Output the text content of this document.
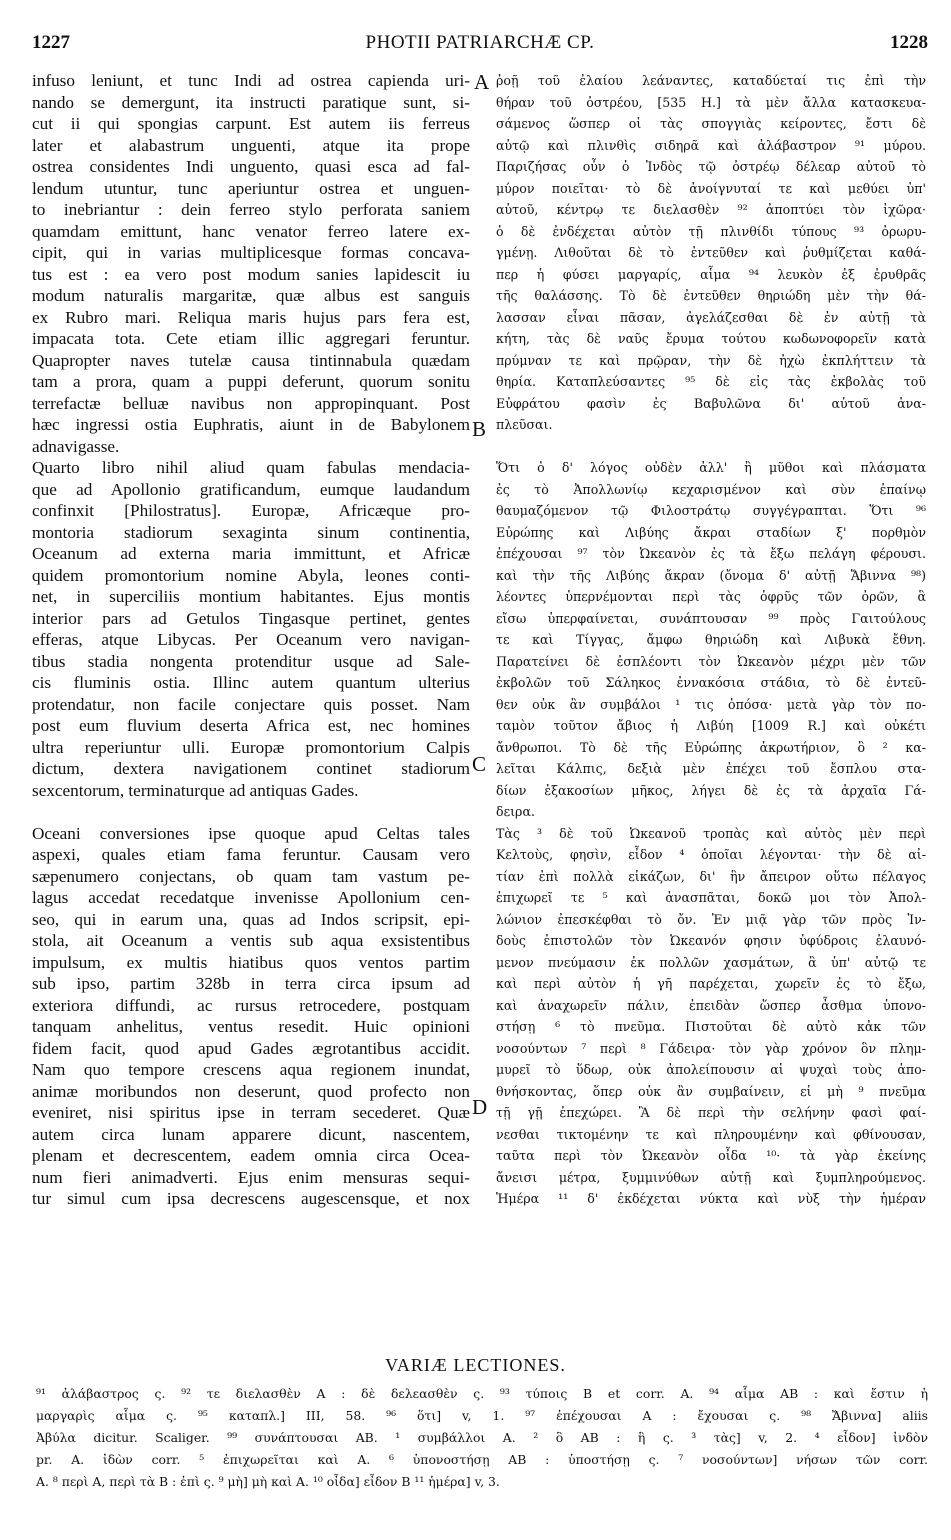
1227	PHOTII PATRIARCHÆ CP.	1228
infuso leniunt, et tunc Indi ad ostrea capienda uri-
nando se demergunt, ita instructi paratique sunt, si-
cut ii qui spongias carpunt. Est autem iis ferreus
later et alabastrum unguenti, atque ita prope
ostrea considentes Indi unguento, quasi esca ad fal-
lendum utuntur, tunc aperiuntur ostrea et unguen-
to inebriantur : dein ferreo stylo perforata saniem
quamdam emittunt, hanc venator ferreo latere ex-
cipit, qui in varias multiplicesque formas concava-
tus est : ea vero post modum sanies lapidescit iu
modum naturalis margaritæ, quæ albus est sanguis
ex Rubro mari. Reliqua maris hujus pars fera est,
impacata tota. Cete etiam illic aggregari feruntur.
Quapropter naves tutelæ causa tintinnabula quædam
tam a prora, quam a puppi deferunt, quorum sonitu
terrefactæ belluæ navibus non appropinquant. Post
hæc ingressi ostia Euphratis, aiunt in de Babylonem
adnavigasse.
Quarto libro nihil aliud quam fabulas mendacia-
que ad Apollonio gratificandum, eumque laudandum
confinxit [Philostratus]. Europæ, Africæque pro-
montoria stadiorum sexaginta sinum continentia,
Oceanum ad externa maria immittunt, et Africæ
quidem promontorium nomine Abyla, leones conti-
net, in superciliis montium habitantes. Ejus montis
interior pars ad Getulos Tingasque pertinet, gentes
efferas, atque Libycas. Per Oceanum vero navigan-
tibus stadia nongenta protenditur usque ad Sale-
cis fluminis ostia. Illinc autem quantum ulterius
protendatur, non facile conjectare quis posset. Nam
post eum fluvium deserta Africa est, nec homines
ultra reperiuntur ulli. Europæ promontorium Calpis
dictum, dextera navigationem continet stadiorum
sexcentorum, terminaturque ad antiquas Gades.
Oceani conversiones ipse quoque apud Celtas tales
aspexi, quales etiam fama feruntur. Causam vero
sæpenumero conjectans, ob quam tam vastum pe-
lagus accedat recedatque invenisse Apollonium cen-
seo, qui in earum una, quas ad Indos scripsit, epi-
stola, ait Oceanum a ventis sub aqua exsistentibus
impulsum, ex multis hiatibus quos ventos partim
sub ipso, partim 328b in terra circa ipsum ad
exteriora diffundi, ac rursus retrocedere, postquam
tanquam anhelitus, ventus resedit. Huic opinioni
fidem facit, quod apud Gades ægrotantibus accidit.
Nam quo tempore crescens aqua regionem inundat,
animæ moribundos non deserunt, quod profecto non
eveniret, nisi spiritus ipse in terram secederet. Quæ
autem circa lunam apparere dicunt, nascentem,
plenam et decrescentem, eadem omnia circa Ocea-
num fieri animadverti. Ejus enim mensuras sequi-
tur simul cum ipsa decrescens augescensque, et nox
ῥοῇ τοῦ ἐλαίου λεάναντες, καταδύεταί τις ἐπὶ τὴν
θήραν τοῦ ὀστρέου, [535 Η.] τὰ μὲν ἄλλα κατασκευα-
σάμενος ὥσπερ οἱ τὰς σπογγιὰς κείροντες, ἔστι δὲ
αὐτῷ καὶ πλινθὶς σιδηρᾶ καὶ ἀλάβαστρον ⁹¹ μύρου.
Παριζήσας οὖν ὁ Ἰνδὸς τῷ ὀστρέῳ δέλεαρ αὐτοῦ τὸ
μύρον ποιεῖται· τὸ δὲ ἀνοίγνυταί τε καὶ μεθύει ὑπ'
αὐτοῦ, κέντρῳ τε διελασθὲν ⁹² ἀποπτύει τὸν ἰχῶρα·
ὁ δὲ ἐνδέχεται αὐτὸν τῇ πλινθίδι τύπους ⁹³ ὀρωρυ-
γμένῃ. Λιθοῦται δὲ τὸ ἐντεῦθεν καὶ ῥυθμίζεται καθά-
περ ἡ φύσει μαργαρίς, αἷμα ⁹⁴ λευκὸν ἐξ ἐρυθρᾶς
τῆς θαλάσσης. Τὸ δὲ ἐντεῦθεν θηριώδη μὲν τὴν θά-
λασσαν εἶναι πᾶσαν, ἀγελάζεσθαι δὲ ἐν αὐτῇ τὰ
κήτη, τὰς δὲ ναῦς ἔρυμα τούτου κωδωνοφορεῖν κατὰ
πρύμναν τε καὶ πρῷραν, τὴν δὲ ἠχὼ ἐκπλήττειν τὰ
θηρία. Καταπλεύσαντες ⁹⁵ δὲ εἰς τὰς ἐκβολὰς τοῦ
Εὐφράτου φασὶν ἐς Βαβυλῶνα δι' αὐτοῦ ἀνα-
πλεῦσαι.
Ὅτι ὁ δ' λόγος οὐδὲν ἀλλ' ἢ μῦθοι καὶ πλάσματα
ἐς τὸ Ἀπολλωνίῳ κεχαρισμένον καὶ σὺν ἐπαίνῳ
θαυμαζόμενον τῷ Φιλοστράτῳ συγγέγραπται. Ὅτι ⁹⁶
Εὐρώπης καὶ Λιβύης ἄκραι σταδίων ξ' πορθμὸν
ἐπέχουσαι ⁹⁷ τὸν Ὠκεανὸν ἐς τὰ ἔξω πελάγη φέρουσι.
καὶ τὴν τῆς Λιβύης ἄκραν (ὄνομα δ' αὐτῇ Ἄβιννα ⁹⁸)
λέοντες ὑπερνέμονται περὶ τὰς ὀφρῦς τῶν ὀρῶν, ἃ
εἴσω ὑπερφαίνεται, συνάπτουσαν ⁹⁹ πρὸς Γαιτούλους
τε καὶ Τίγγας, ἄμφω θηριώδη καὶ Λιβυκὰ ἔθνη.
Παρατείνει δὲ ἐσπλέοντι τὸν Ὠκεανὸν μέχρι μὲν τῶν
ἐκβολῶν τοῦ Σάληκος ἐννακόσια στάδια, τὸ δὲ ἐντεῦ-
θεν οὐκ ἂν συμβάλοι ¹ τις ὁπόσα· μετὰ γὰρ τὸν πο-
ταμὸν τοῦτον ἄβιος ἡ Λιβύη [1009 R.] καὶ οὐκέτι
ἄνθρωποι. Τὸ δὲ τῆς Εὐρώπης ἀκρωτήριον, ὃ ² κα-
λεῖται Κάλπις, δεξιὰ μὲν ἐπέχει τοῦ ἔσπλου στα-
δίων ἑξακοσίων μῆκος, λήγει δὲ ἐς τὰ ἀρχαῖα Γά-
δειρα.
Τὰς ³ δὲ τοῦ Ὠκεανοῦ τροπὰς καὶ αὐτὸς μὲν περὶ
Κελτοὺς, φησὶν, εἶδον ⁴ ὁποῖαι λέγονται· τὴν δὲ αἰ-
τίαν ἐπὶ πολλὰ εἰκάζων, δι' ἣν ἄπειρον οὕτω πέλαγος
ἐπιχωρεῖ τε ⁵ καὶ ἀνασπᾶται, δοκῶ μοι τὸν Ἀπολ-
λώνιον ἐπεσκέφθαι τὸ ὄν. Ἐν μιᾷ γὰρ τῶν πρὸς Ἰν-
δοὺς ἐπιστολῶν τὸν Ὠκεανόν φησιν ὑφύδροις ἐλαυνό-
μενον πνεύμασιν ἐκ πολλῶν χασμάτων, ἃ ὑπ' αὐτῷ τε
καὶ περὶ αὐτὸν ἡ γῆ παρέχεται, χωρεῖν ἐς τὸ ἔξω,
καὶ ἀναχωρεῖν πάλιν, ἐπειδὰν ὥσπερ ἆσθμα ὑπονο-
στήσῃ ⁶ τὸ πνεῦμα. Πιστοῦται δὲ αὐτὸ κἀκ τῶν
νοσούντων ⁷ περὶ ⁸ Γάδειρα· τὸν γὰρ χρόνον ὃν πλημ-
μυρεῖ τὸ ὕδωρ, οὐκ ἀπολείπουσιν αἱ ψυχαὶ τοὺς ἀπο-
θνήσκοντας, ὅπερ οὐκ ἂν συμβαίνειν, εἰ μὴ ⁹ πνεῦμα
τῇ γῇ ἐπεχώρει. Ἃ δὲ περὶ τὴν σελήνην φασὶ φαί-
νεσθαι τικτομένην τε καὶ πληρουμένην καὶ φθίνουσαν,
ταῦτα περὶ τὸν Ὠκεανὸν οἶδα ¹⁰· τὰ γὰρ ἐκείνης
ἄνεισι μέτρα, ξυμμινύθων αὐτῇ καὶ ξυμπληρούμενος.
Ἡμέρα ¹¹ δ' ἐκδέχεται νύκτα καὶ νὺξ τὴν ἡμέραν
A
B
C
D
VARIÆ LECTIONES.
⁹¹ ἀλάβαστρος ς. ⁹² τε διελασθὲν A : δὲ δελεασθὲν ς. ⁹³ τύποις B et corr. A. ⁹⁴ αἷμα AB : καὶ ἔστιν ἡ
μαργαρὶς αἷμα ς. ⁹⁵ καταπλ.] III, 58. ⁹⁶ ὅτι] v, 1. ⁹⁷ ἐπέχουσαι A : ἔχουσαι ς. ⁹⁸ Ἄβιννα] aliis
Ἀβύλα dicitur. Scaliger. ⁹⁹ συνάπτουσαι AB. ¹ συμβάλλοι A. ² ὃ AB : ἣ ς. ³ τὰς] v, 2. ⁴ εἶδον] ἰνδὸν
pr. A. ἰδὼν corr. ⁵ ἐπιχωρεῖται καὶ A. ⁶ ὑπονοστήσῃ AB : ὑποστήσῃ ς. ⁷ νοσούντων] νήσων τῶν corr.
A. ⁸ περὶ A, περὶ τὰ B : ἐπὶ ς. ⁹ μὴ] μὴ καὶ A. ¹⁰ οἶδα] εἶδον B ¹¹ ἡμέρα] v, 3.
